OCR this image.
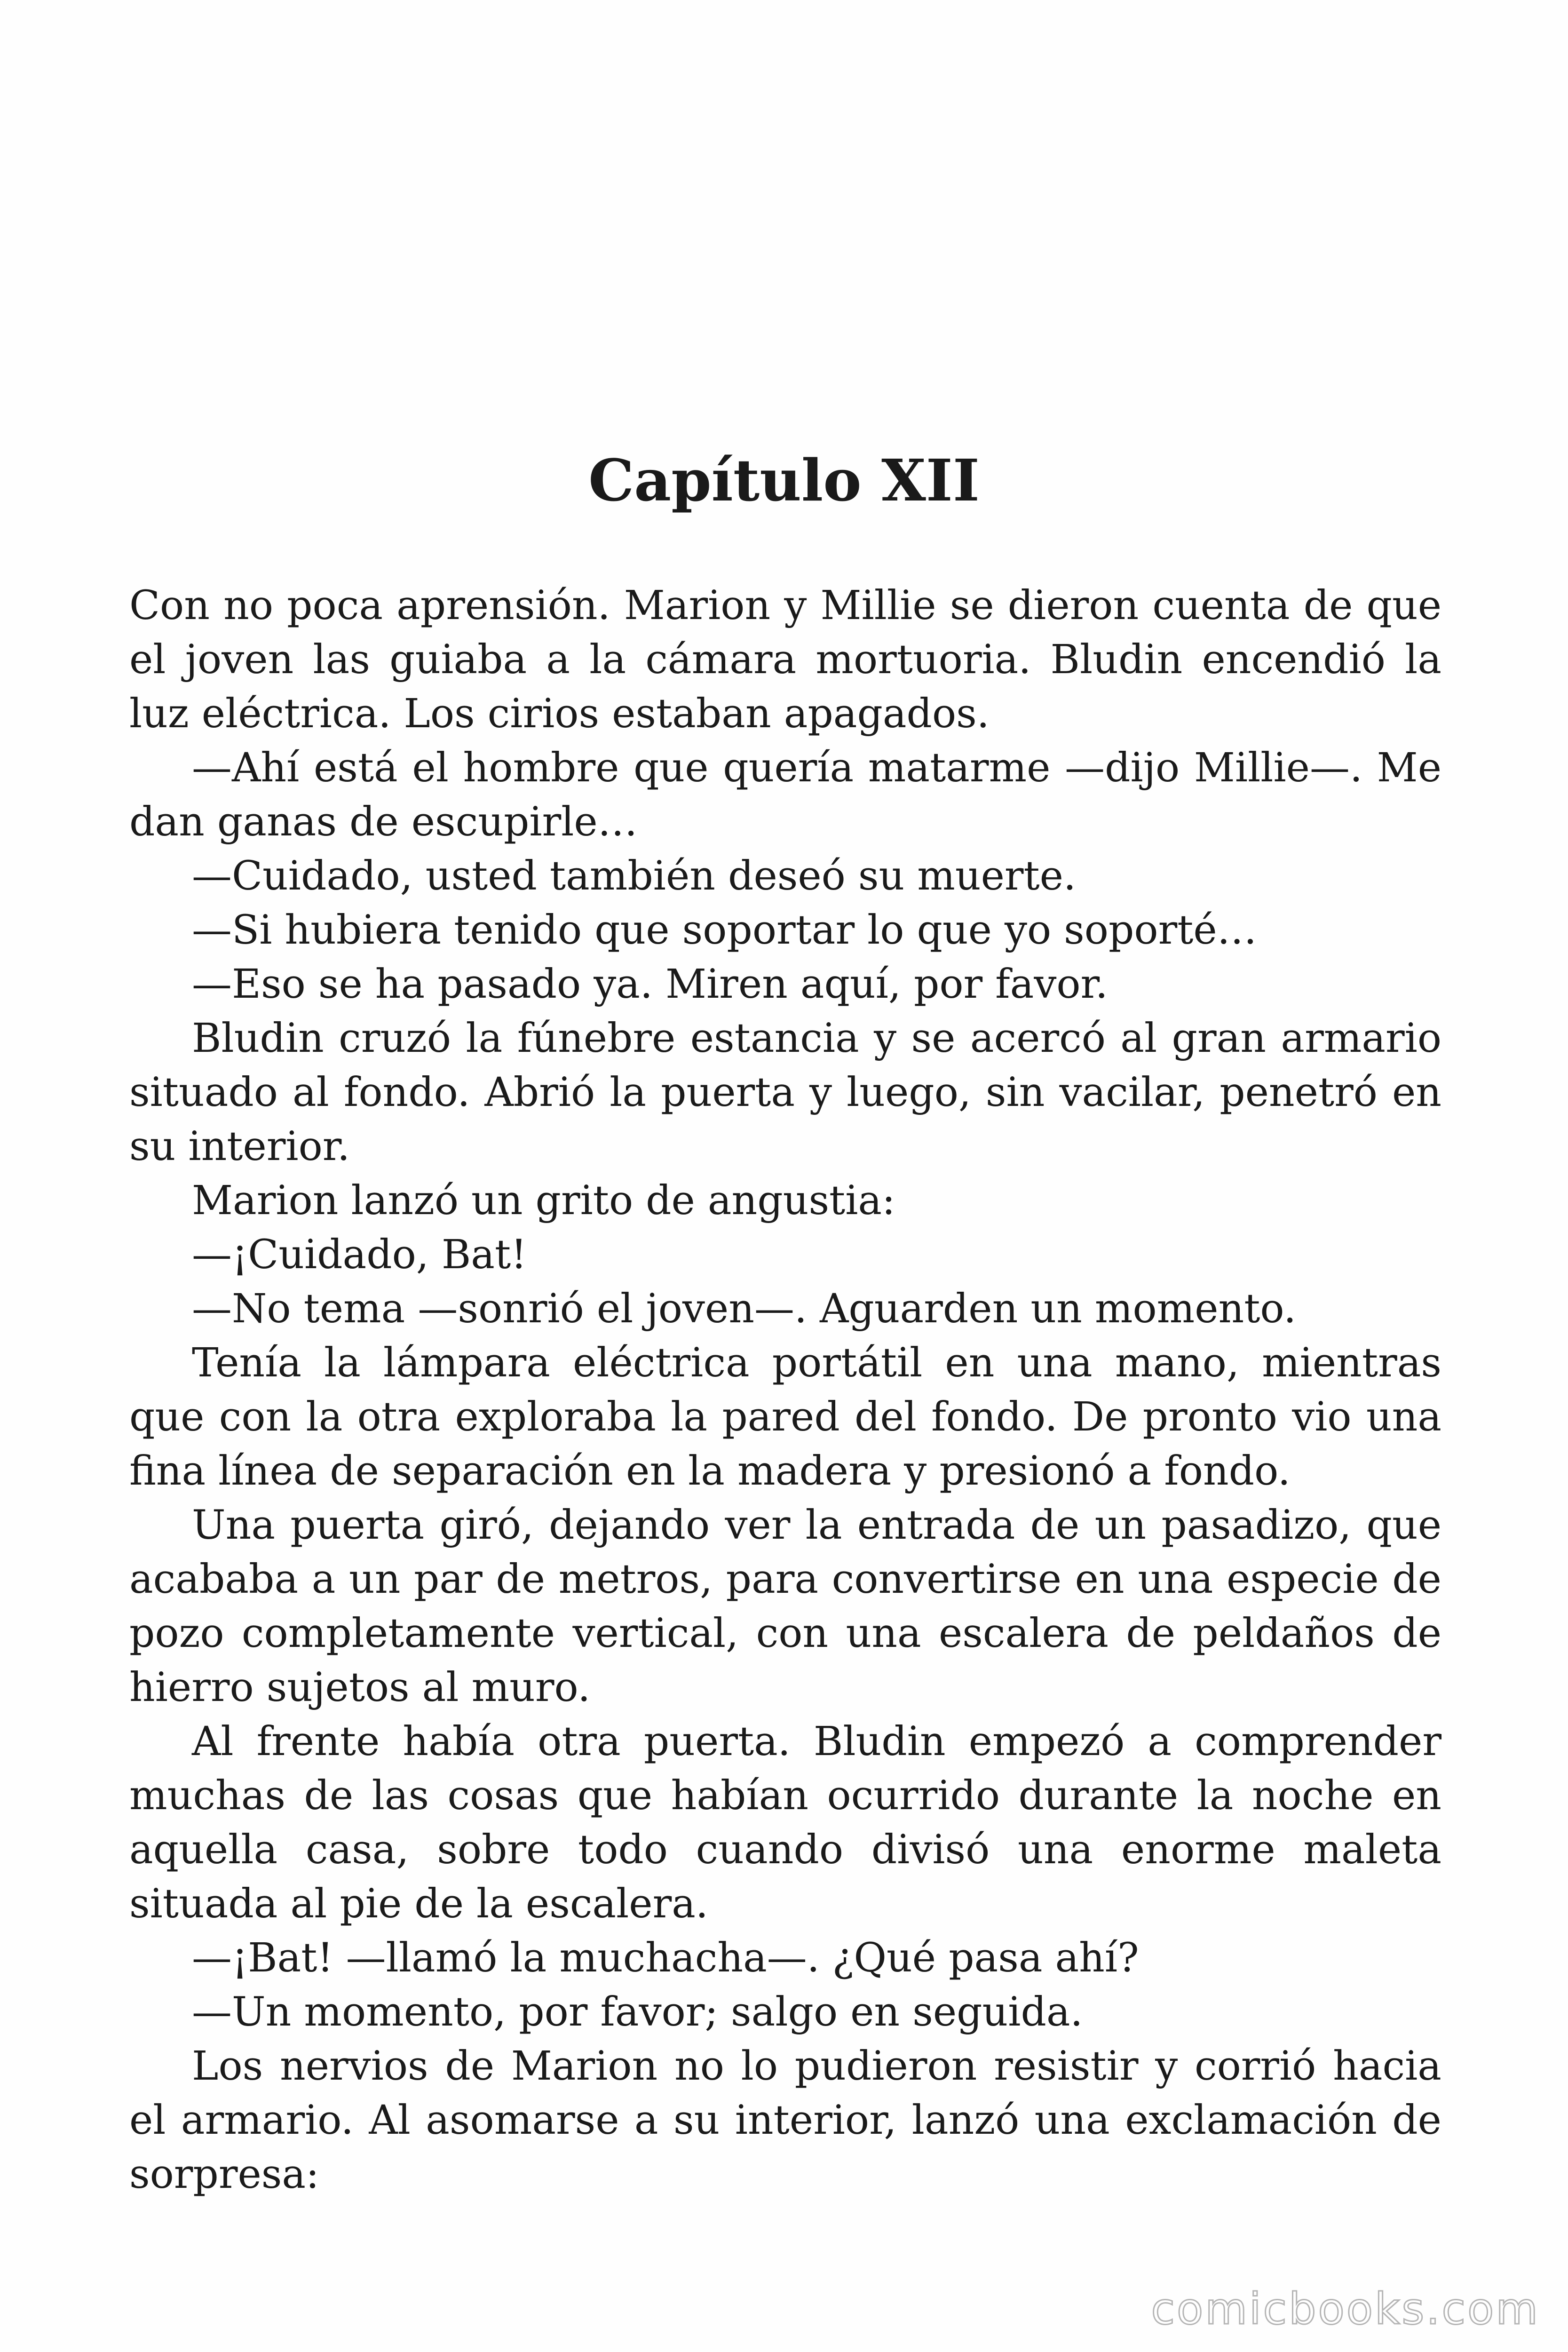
Capítulo XII

Con no poca aprensión. Marion y Millie se dieron cuenta de que el joven las guiaba a la cámara mortuoria. Bludin encendió la luz eléctrica. Los cirios estaban apagados.

—Ahí está el hombre que quería matarme —dijo Millie—. Me dan ganas de escupirle…

—Cuidado, usted también deseó su muerte.

—Si hubiera tenido que soportar lo que yo soporté…

—Eso se ha pasado ya. Miren aquí, por favor.

Bludin cruzó la fúnebre estancia y se acercó al gran armario situado al fondo. Abrió la puerta y luego, sin vacilar, penetró en su interior.

Marion lanzó un grito de angustia:

—¡Cuidado, Bat!

—No tema —sonrió el joven—. Aguarden un momento.

Tenía la lámpara eléctrica portátil en una mano, mientras que con la otra exploraba la pared del fondo. De pronto vio una fina línea de separación en la madera y presionó a fondo.

Una puerta giró, dejando ver la entrada de un pasadizo, que acababa a un par de metros, para convertirse en una especie de pozo completamente vertical, con una escalera de peldaños de hierro sujetos al muro.

Al frente había otra puerta. Bludin empezó a comprender muchas de las cosas que habían ocurrido durante la noche en aquella casa, sobre todo cuando divisó una enorme maleta situada al pie de la escalera.

—¡Bat! —llamó la muchacha—. ¿Qué pasa ahí?

—Un momento, por favor; salgo en seguida.

Los nervios de Marion no lo pudieron resistir y corrió hacia el armario. Al asomarse a su interior, lanzó una exclamación de sorpresa:

comicbooks.com
